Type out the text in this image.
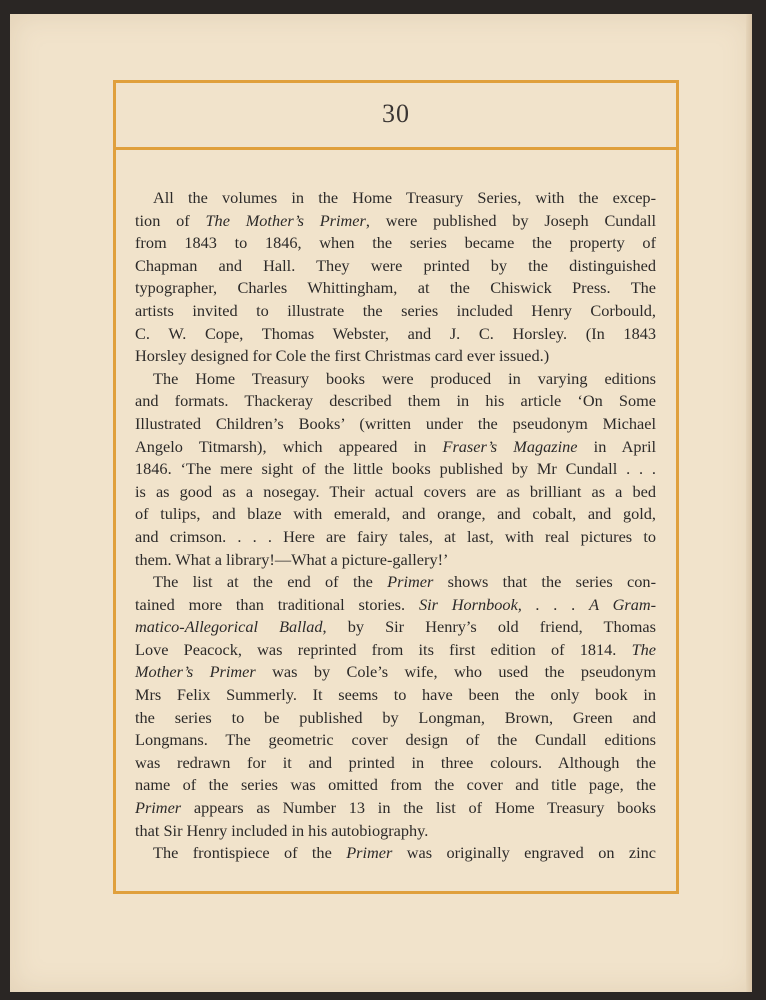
30
All the volumes in the Home Treasury Series, with the excep-
tion of The Mother’s Primer, were published by Joseph Cundall
from 1843 to 1846, when the series became the property of
Chapman and Hall. They were printed by the distinguished
typographer, Charles Whittingham, at the Chiswick Press. The
artists invited to illustrate the series included Henry Corbould,
C. W. Cope, Thomas Webster, and J. C. Horsley. (In 1843
Horsley designed for Cole the first Christmas card ever issued.)
The Home Treasury books were produced in varying editions
and formats. Thackeray described them in his article ‘On Some
Illustrated Children’s Books’ (written under the pseudonym Michael
Angelo Titmarsh), which appeared in Fraser’s Magazine in April
1846. ‘The mere sight of the little books published by Mr Cundall . . .
is as good as a nosegay. Their actual covers are as brilliant as a bed
of tulips, and blaze with emerald, and orange, and cobalt, and gold,
and crimson. . . . Here are fairy tales, at last, with real pictures to
them. What a library!—What a picture-gallery!’
The list at the end of the Primer shows that the series con-
tained more than traditional stories. Sir Hornbook, . . . A Gram-
matico-Allegorical Ballad, by Sir Henry’s old friend, Thomas
Love Peacock, was reprinted from its first edition of 1814. The
Mother’s Primer was by Cole’s wife, who used the pseudonym
Mrs Felix Summerly. It seems to have been the only book in
the series to be published by Longman, Brown, Green and
Longmans. The geometric cover design of the Cundall editions
was redrawn for it and printed in three colours. Although the
name of the series was omitted from the cover and title page, the
Primer appears as Number 13 in the list of Home Treasury books
that Sir Henry included in his autobiography.
The frontispiece of the Primer was originally engraved on zinc
